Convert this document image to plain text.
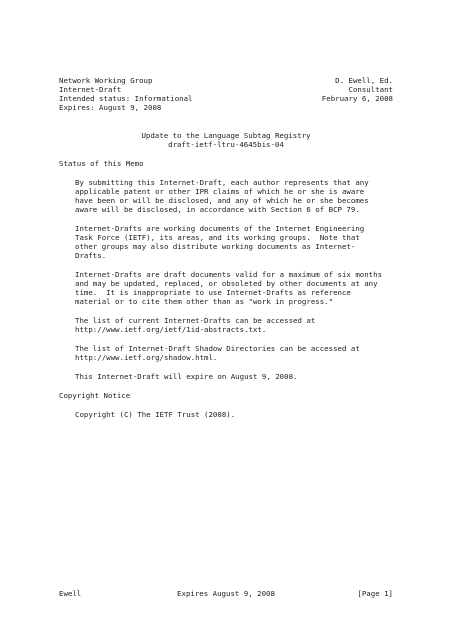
Network Working Group
Internet-Draft
Intended status: Informational
Expires: August 9, 2008
D. Ewell, Ed.
Consultant
February 6, 2008
Update to the Language Subtag Registry
draft-ietf-ltru-4645bis-04
Status of this Memo
By submitting this Internet-Draft, each author represents that any
applicable patent or other IPR claims of which he or she is aware
have been or will be disclosed, and any of which he or she becomes
aware will be disclosed, in accordance with Section 6 of BCP 79.
Internet-Drafts are working documents of the Internet Engineering
Task Force (IETF), its areas, and its working groups.  Note that
other groups may also distribute working documents as Internet-
Drafts.
Internet-Drafts are draft documents valid for a maximum of six months
and may be updated, replaced, or obsoleted by other documents at any
time.  It is inappropriate to use Internet-Drafts as reference
material or to cite them other than as "work in progress."
The list of current Internet-Drafts can be accessed at
http://www.ietf.org/ietf/1id-abstracts.txt.
The list of Internet-Draft Shadow Directories can be accessed at
http://www.ietf.org/shadow.html.
This Internet-Draft will expire on August 9, 2008.
Copyright Notice
Copyright (C) The IETF Trust (2008).
Ewell	Expires August 9, 2008	[Page 1]
